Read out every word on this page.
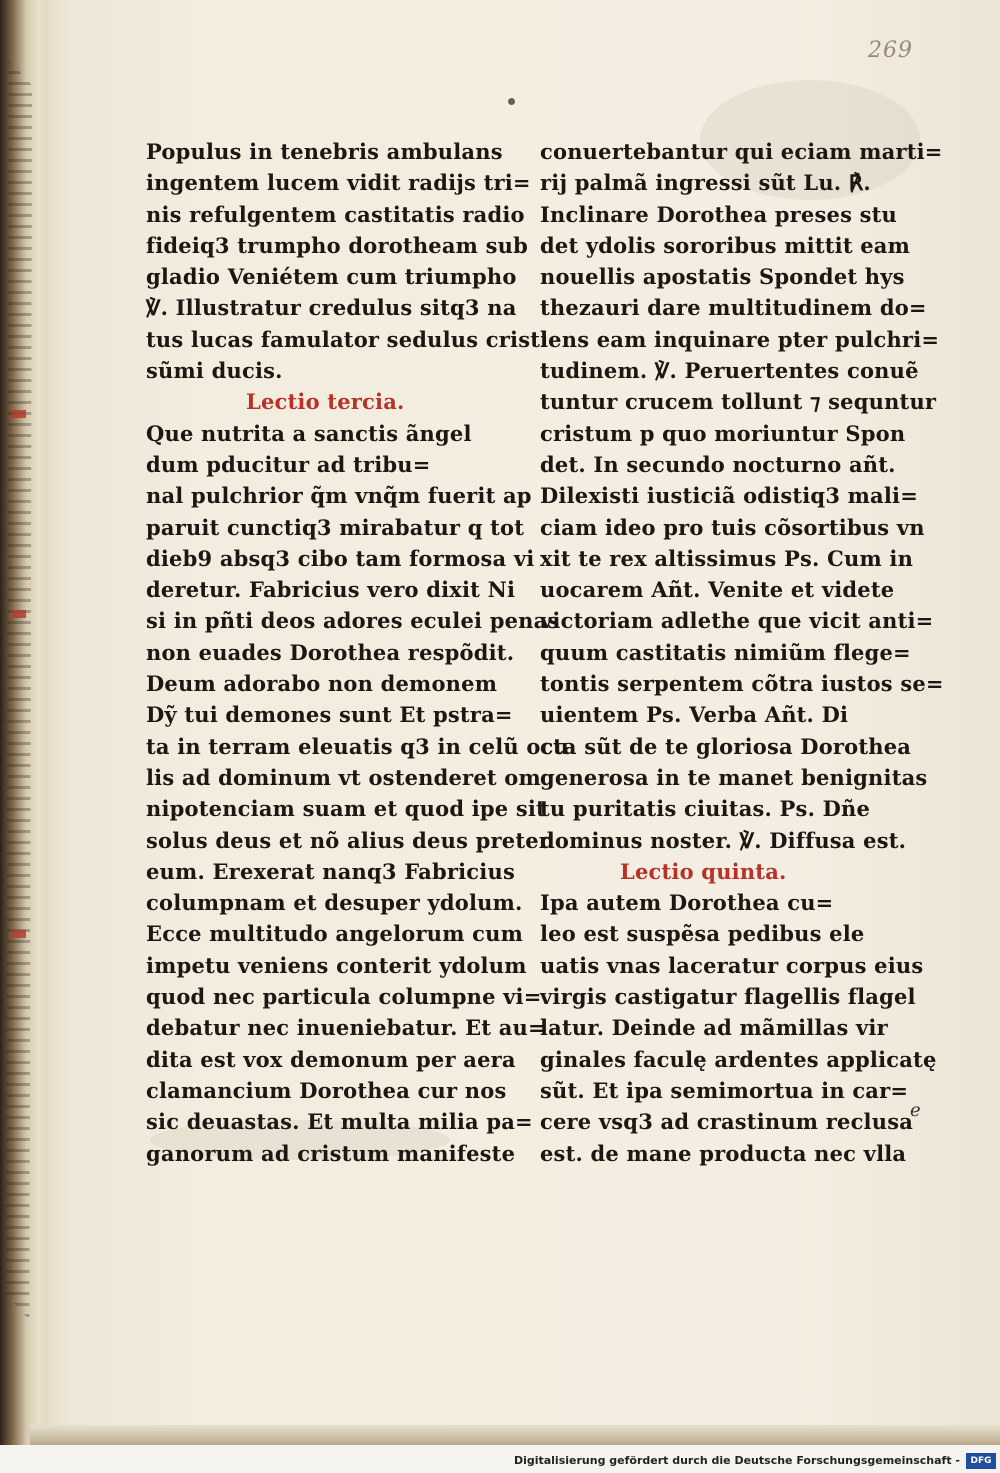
269
Populus in tenebris ambulans
ingentem lucem vidit radijs tri=
nis refulgentem castitatis radio
fideiq3 trumpho dorotheam sub
gladio Veniétem cum triumpho
℣. Illustratur credulus sitq3 na
tus lucas famulator sedulus cristi
sũmi ducis.
Lectio tercia.
Que nutrita a sanctis ãngel
dum pducitur ad tribu=
nal pulchrior q̃m vnq̃m fuerit ap
paruit cunctiq3 mirabatur q tot
dieb9 absq3 cibo tam formosa vi
deretur. Fabricius vero dixit Ni
si in pñti deos adores eculei penas
non euades Dorothea respõdit.
Deum adorabo non demonem
Dỹ tui demones sunt Et pstra=
ta in terram eleuatis q3 in celũ ocu
lis ad dominum vt ostenderet om
nipotenciam suam et quod ipe sit
solus deus et nõ alius deus preter
eum. Erexerat nanq3 Fabricius
columpnam et desuper ydolum.
Ecce multitudo angelorum cum
impetu veniens conterit ydolum
quod nec particula columpne vi=
debatur nec inueniebatur. Et au=
dita est vox demonum per aera
clamancium Dorothea cur nos
sic deuastas. Et multa milia pa=
ganorum ad cristum manifeste
conuertebantur qui eciam marti=
rij palmã ingressi sũt Lu. ℟.
Inclinare Dorothea preses stu
det ydolis sororibus mittit eam
nouellis apostatis Spondet hys
thezauri dare multitudinem do=
lens eam inquinare pter pulchri=
tudinem. ℣. Peruertentes conuẽ
tuntur crucem tollunt ⁊ sequntur
cristum p quo moriuntur Spon
det. In secundo nocturno añt.
Dilexisti iusticiã odistiq3 mali=
ciam ideo pro tuis cõsortibus vn
xit te rex altissimus Ps. Cum in
uocarem Añt. Venite et videte
victoriam adlethe que vicit anti=
quum castitatis nimiũm flege=
tontis serpentem cõtra iustos se=
uientem Ps. Verba Añt. Di
cta sũt de te gloriosa Dorothea
generosa in te manet benignitas
tu puritatis ciuitas. Ps. Dñe
dominus noster. ℣. Diffusa est.
Lectio quinta.
Ipa autem Dorothea cu=
leo est suspẽsa pedibus ele
uatis vnas laceratur corpus eius
virgis castigatur flagellis flagel
latur. Deinde ad mãmillas vir
ginales faculę ardentes applicatę
sũt. Et ipa semimortua in car=
cere vsq3 ad crastinum reclusa
est. de mane producta nec vlla
ℯ
Digitalisierung gefördert durch die Deutsche Forschungsgemeinschaft -	DFG
